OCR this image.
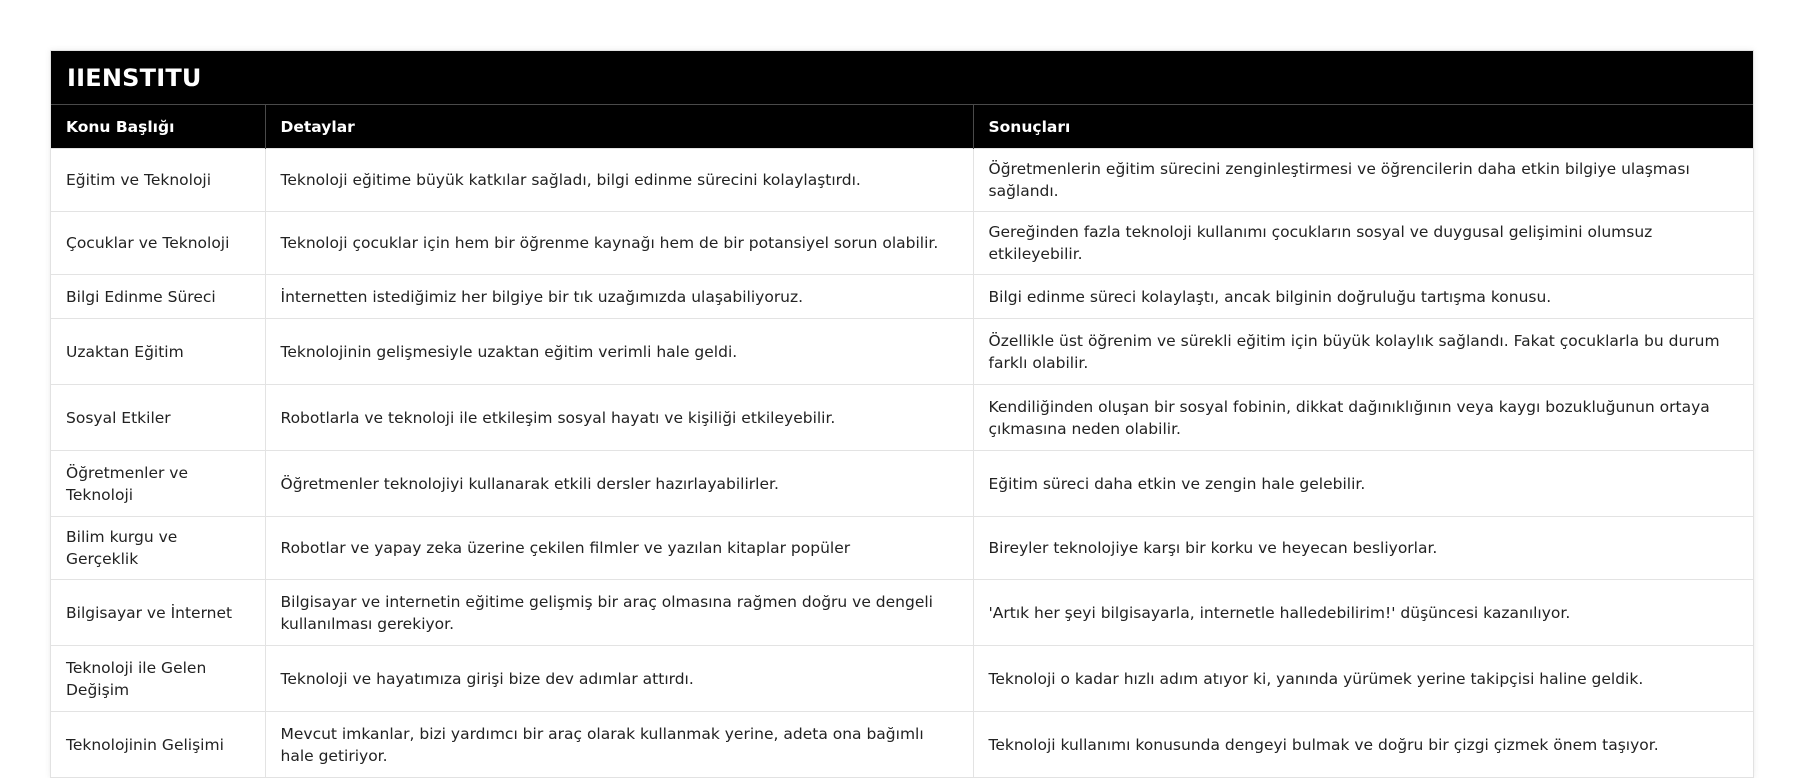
IIENSTITU
Konu Başlığı	Detaylar	Sonuçları
Eğitim ve Teknoloji	Teknoloji eğitime büyük katkılar sağladı, bilgi edinme sürecini kolaylaştırdı.	Öğretmenlerin eğitim sürecini zenginleştirmesi ve öğrencilerin daha etkin bilgiye ulaşması sağlandı.
Çocuklar ve Teknoloji	Teknoloji çocuklar için hem bir öğrenme kaynağı hem de bir potansiyel sorun olabilir.	Gereğinden fazla teknoloji kullanımı çocukların sosyal ve duygusal gelişimini olumsuz etkileyebilir.
Bilgi Edinme Süreci	İnternetten istediğimiz her bilgiye bir tık uzağımızda ulaşabiliyoruz.	Bilgi edinme süreci kolaylaştı, ancak bilginin doğruluğu tartışma konusu.
Uzaktan Eğitim	Teknolojinin gelişmesiyle uzaktan eğitim verimli hale geldi.	Özellikle üst öğrenim ve sürekli eğitim için büyük kolaylık sağlandı. Fakat çocuklarla bu durum farklı olabilir.
Sosyal Etkiler	Robotlarla ve teknoloji ile etkileşim sosyal hayatı ve kişiliği etkileyebilir.	Kendiliğinden oluşan bir sosyal fobinin, dikkat dağınıklığının veya kaygı bozukluğunun ortaya çıkmasına neden olabilir.
Öğretmenler ve Teknoloji	Öğretmenler teknolojiyi kullanarak etkili dersler hazırlayabilirler.	Eğitim süreci daha etkin ve zengin hale gelebilir.
Bilim kurgu ve Gerçeklik	Robotlar ve yapay zeka üzerine çekilen filmler ve yazılan kitaplar popüler	Bireyler teknolojiye karşı bir korku ve heyecan besliyorlar.
Bilgisayar ve İnternet	Bilgisayar ve internetin eğitime gelişmiş bir araç olmasına rağmen doğru ve dengeli kullanılması gerekiyor.	'Artık her şeyi bilgisayarla, internetle halledebilirim!' düşüncesi kazanılıyor.
Teknoloji ile Gelen Değişim	Teknoloji ve hayatımıza girişi bize dev adımlar attırdı.	Teknoloji o kadar hızlı adım atıyor ki, yanında yürümek yerine takipçisi haline geldik.
Teknolojinin Gelişimi	Mevcut imkanlar, bizi yardımcı bir araç olarak kullanmak yerine, adeta ona bağımlı hale getiriyor.	Teknoloji kullanımı konusunda dengeyi bulmak ve doğru bir çizgi çizmek önem taşıyor.
